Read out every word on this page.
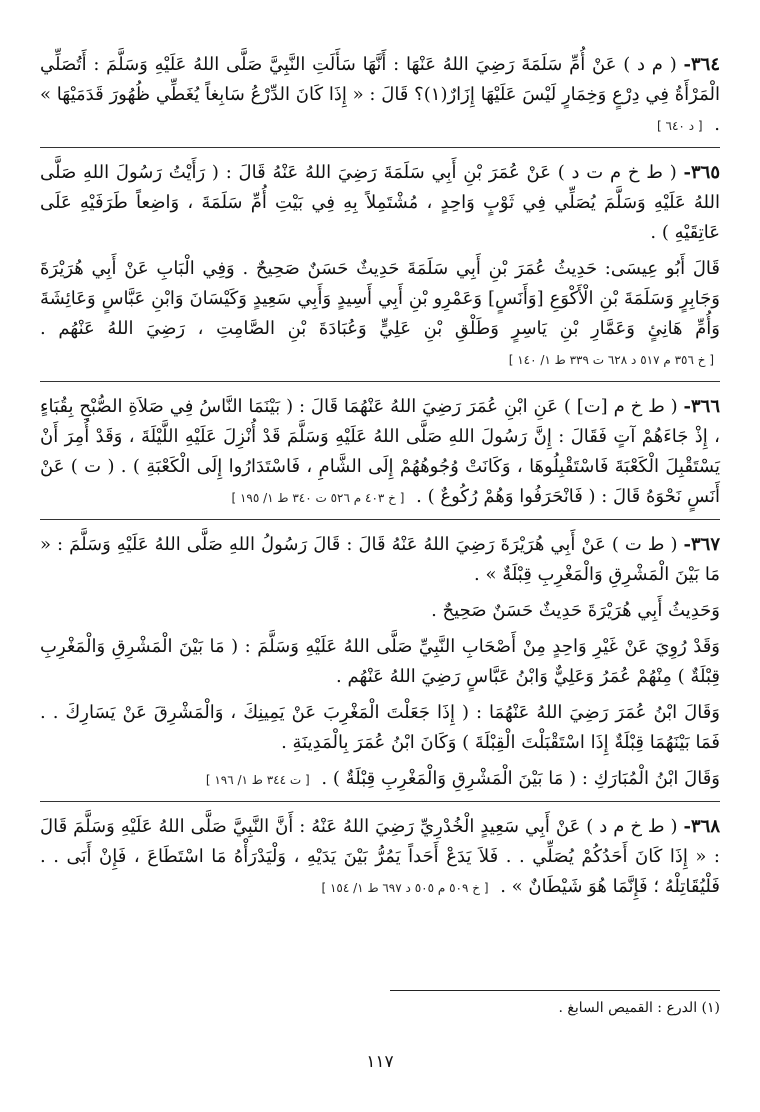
٣٦٤- ( م د ) عَنْ أُمِّ سَلَمَةَ رَضِيَ اللهُ عَنْهَا : أَنَّهَا سَأَلَتِ النَّبِيَّ صَلَّى اللهُ عَلَيْهِ وَسَلَّمَ : أَتُصَلِّي الْمَرْأَةُ فِي دِرْعٍ وَخِمَارٍ لَيْسَ عَلَيْهَا إِزَارٌ(١)؟ قَالَ : « إِذَا كَانَ الدِّرْعُ سَابِغاً يُغَطِّي ظُهُورَ قَدَمَيْهَا » . [ د ٦٤٠ ]

٣٦٥- ( ط خ م ت د ) عَنْ عُمَرَ بْنِ أَبِي سَلَمَةَ رَضِيَ اللهُ عَنْهُ قَالَ : ( رَأَيْتُ رَسُولَ اللهِ صَلَّى اللهُ عَلَيْهِ وَسَلَّمَ يُصَلِّي فِي ثَوْبٍ وَاحِدٍ ، مُشْتَمِلاً بِهِ فِي بَيْتِ أُمِّ سَلَمَةَ ، وَاضِعاً طَرَفَيْهِ عَلَى عَاتِقَيْهِ ) .

قَالَ أَبُو عِيسَى: حَدِيثُ عُمَرَ بْنِ أَبِي سَلَمَةَ حَدِيثٌ حَسَنٌ صَحِيحٌ . وَفِي الْبَابِ عَنْ أَبِي هُرَيْرَةَ وَجَابِرٍ وَسَلَمَةَ بْنِ الْأَكْوَعِ [وَأَنَسٍ] وَعَمْرِو بْنِ أَبِي أَسِيدٍ وَأَبِي سَعِيدٍ وَكَيْسَانَ وَابْنِ عَبَّاسٍ وَعَائِشَةَ وَأُمِّ هَانِئٍ وَعَمَّارِ بْنِ يَاسِرٍ وَطَلْقِ بْنِ عَلِيٍّ وَعُبَادَةَ بْنِ الصَّامِتِ ، رَضِيَ اللهُ عَنْهُم . [ خ ٣٥٦ م ٥١٧ د ٦٢٨ ت ٣٣٩ ط ١/ ١٤٠ ]

٣٦٦- ( ط خ م [ت] ) عَنِ ابْنِ عُمَرَ رَضِيَ اللهُ عَنْهُمَا قَالَ : ( بَيْنَمَا النَّاسُ فِي صَلاَةِ الصُّبْحِ بِقُبَاءٍ ، إِذْ جَاءَهُمْ آتٍ فَقَالَ : إِنَّ رَسُولَ اللهِ صَلَّى اللهُ عَلَيْهِ وَسَلَّمَ قَدْ أُنْزِلَ عَلَيْهِ اللَّيْلَةَ ، وَقَدْ أُمِرَ أَنْ يَسْتَقْبِلَ الْكَعْبَةَ فَاسْتَقْبِلُوهَا ، وَكَانَتْ وُجُوهُهُمْ إِلَى الشَّامِ ، فَاسْتَدَارُوا إِلَى الْكَعْبَةِ ) . ( ت ) عَنْ أَنَسٍ نَحْوَهُ قَالَ : ( فَانْحَرَفُوا وَهُمْ رُكُوعٌ ) . [ خ ٤٠٣ م ٥٢٦ ت ٣٤٠ ط ١/ ١٩٥ ]

٣٦٧- ( ط ت ) عَنْ أَبِي هُرَيْرَةَ رَضِيَ اللهُ عَنْهُ قَالَ : قَالَ رَسُولُ اللهِ صَلَّى اللهُ عَلَيْهِ وَسَلَّمَ : « مَا بَيْنَ الْمَشْرِقِ وَالْمَغْرِبِ قِبْلَةٌ » .

وَحَدِيثُ أَبِي هُرَيْرَةَ حَدِيثٌ حَسَنٌ صَحِيحٌ .

وَقَدْ رُوِيَ عَنْ غَيْرِ وَاحِدٍ مِنْ أَصْحَابِ النَّبِيِّ صَلَّى اللهُ عَلَيْهِ وَسَلَّمَ : ( مَا بَيْنَ الْمَشْرِقِ وَالْمَغْرِبِ قِبْلَةٌ ) مِنْهُمْ عُمَرُ وَعَلِيٌّ وَابْنُ عَبَّاسٍ رَضِيَ اللهُ عَنْهُم .

وَقَالَ ابْنُ عُمَرَ رَضِيَ اللهُ عَنْهُمَا : ( إِذَا جَعَلْتَ الْمَغْرِبَ عَنْ يَمِينِكَ ، وَالْمَشْرِقَ عَنْ يَسَارِكَ . . فَمَا بَيْنَهُمَا قِبْلَةٌ إِذَا اسْتَقْبَلْتَ الْقِبْلَةَ ) وَكَانَ ابْنُ عُمَرَ بِالْمَدِينَةِ .

وَقَالَ ابْنُ الْمُبَارَكِ : ( مَا بَيْنَ الْمَشْرِقِ وَالْمَغْرِبِ قِبْلَةٌ ) . [ ت ٣٤٤ ط ١/ ١٩٦ ]

٣٦٨- ( ط خ م د ) عَنْ أَبِي سَعِيدٍ الْخُدْرِيِّ رَضِيَ اللهُ عَنْهُ : أَنَّ النَّبِيَّ صَلَّى اللهُ عَلَيْهِ وَسَلَّمَ قَالَ : « إِذَا كَانَ أَحَدُكُمْ يُصَلِّي . . فَلاَ يَدَعْ أَحَداً يَمُرُّ بَيْنَ يَدَيْهِ ، وَلْيَدْرَأْهُ مَا اسْتَطَاعَ ، فَإِنْ أَبَى . . فَلْيُقَاتِلْهُ ؛ فَإِنَّمَا هُوَ شَيْطَانٌ » . [ خ ٥٠٩ م ٥٠٥ د ٦٩٧ ط ١/ ١٥٤ ]

(١) الدرع : القميص السابغ .
١١٧
